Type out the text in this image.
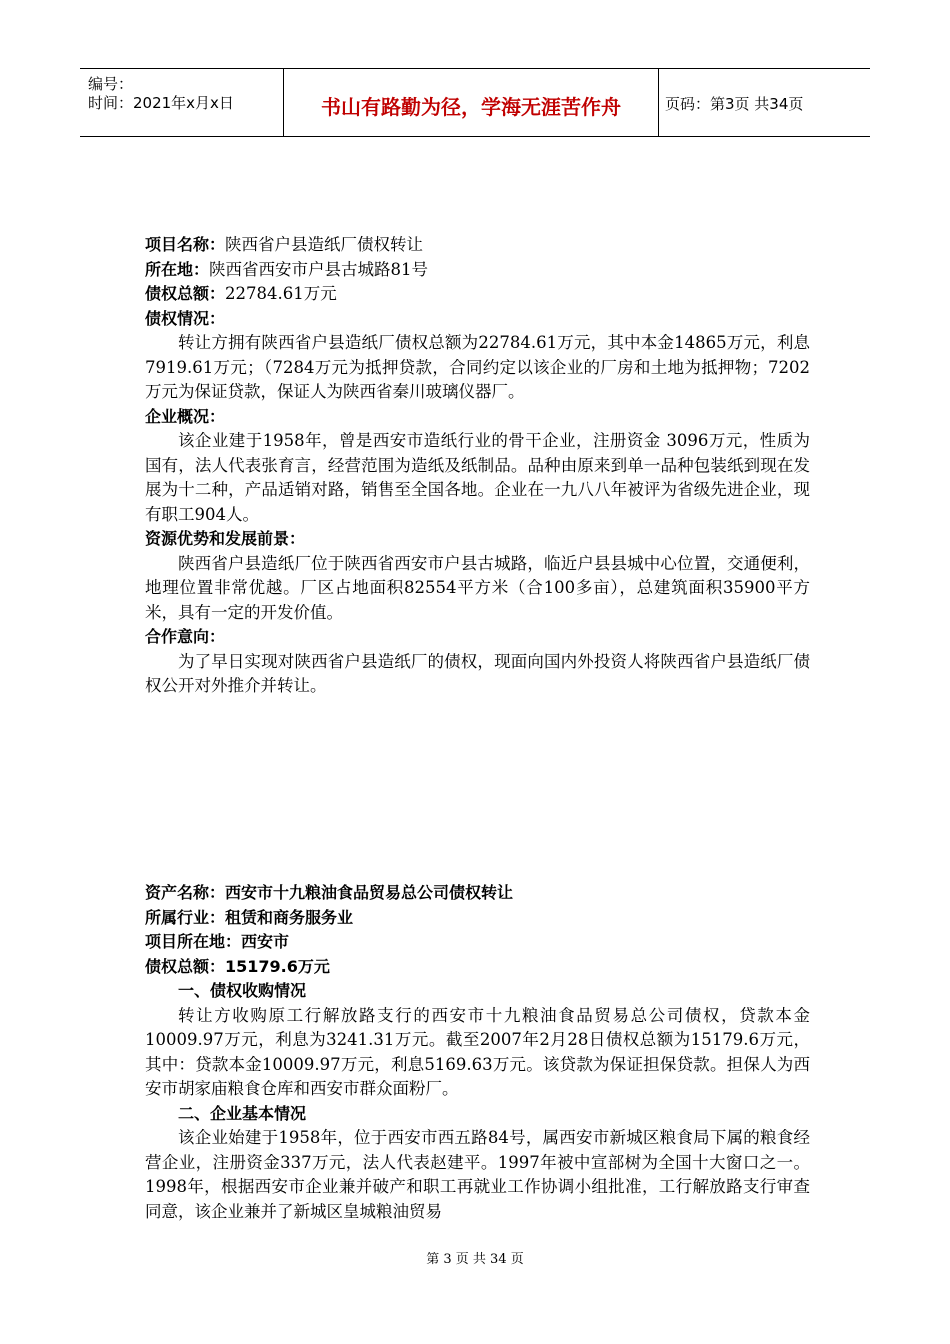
编号：
时间：2021年x月x日	书山有路勤为径，学海无涯苦作舟	页码：第3页 共34页

项目名称：陕西省户县造纸厂债权转让

所在地：陕西省西安市户县古城路81号

债权总额：22784.61万元

债权情况：

转让方拥有陕西省户县造纸厂债权总额为22784.61万元，其中本金14865万元，利息7919.61万元；（7284万元为抵押贷款，合同约定以该企业的厂房和土地为抵押物；7202万元为保证贷款，保证人为陕西省秦川玻璃仪器厂。

企业概况：

该企业建于1958年，曾是西安市造纸行业的骨干企业，注册资金 3096万元，性质为国有，法人代表张育言，经营范围为造纸及纸制品。品种由原来到单一品种包装纸到现在发展为十二种，产品适销对路，销售至全国各地。企业在一九八八年被评为省级先进企业，现有职工904人。

资源优势和发展前景：

陕西省户县造纸厂位于陕西省西安市户县古城路，临近户县县城中心位置，交通便利，地理位置非常优越。厂区占地面积82554平方米（合100多亩），总建筑面积35900平方米，具有一定的开发价值。

合作意向：

为了早日实现对陕西省户县造纸厂的债权，现面向国内外投资人将陕西省户县造纸厂债权公开对外推介并转让。

资产名称：西安市十九粮油食品贸易总公司债权转让

所属行业：租赁和商务服务业

项目所在地：西安市

债权总额：15179.6万元

一、债权收购情况

转让方收购原工行解放路支行的西安市十九粮油食品贸易总公司债权，贷款本金10009.97万元，利息为3241.31万元。截至2007年2月28日债权总额为15179.6万元，其中：贷款本金10009.97万元，利息5169.63万元。该贷款为保证担保贷款。担保人为西安市胡家庙粮食仓库和西安市群众面粉厂。

二、企业基本情况

该企业始建于1958年，位于西安市西五路84号，属西安市新城区粮食局下属的粮食经营企业，注册资金337万元，法人代表赵建平。1997年被中宣部树为全国十大窗口之一。1998年，根据西安市企业兼并破产和职工再就业工作协调小组批准，工行解放路支行审查同意，该企业兼并了新城区皇城粮油贸易

第 3 页 共 34 页
